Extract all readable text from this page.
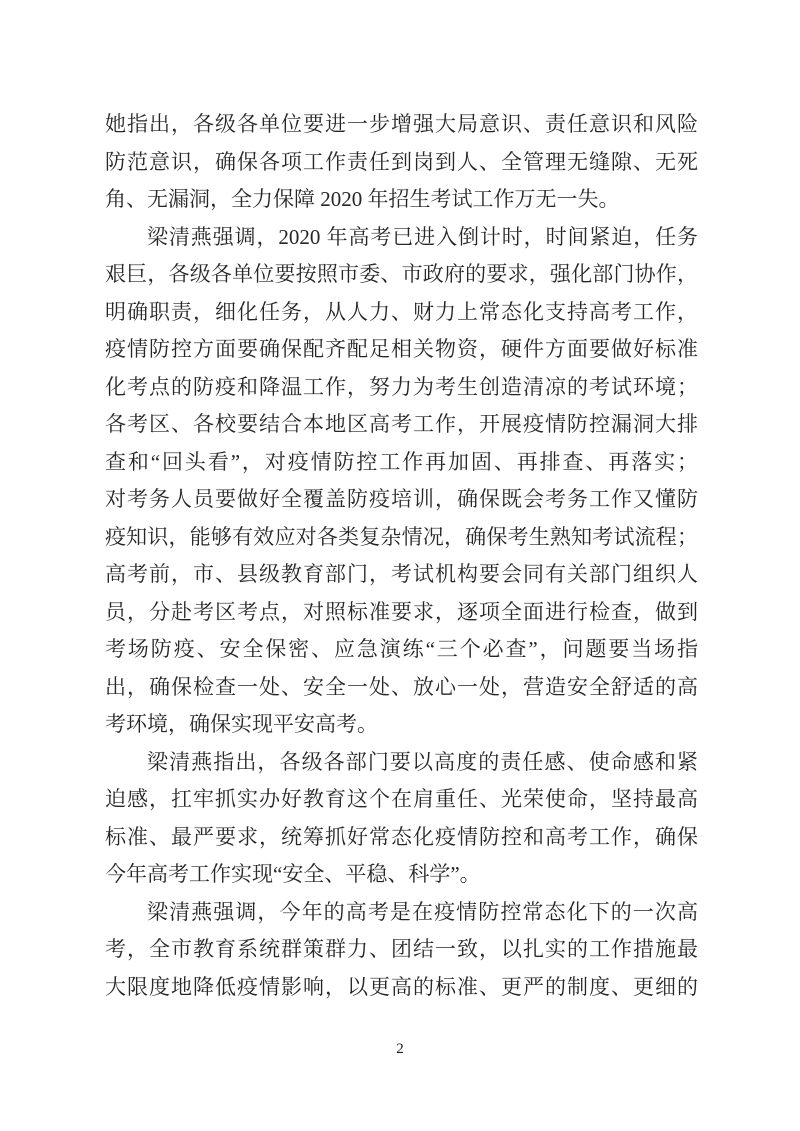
她指出，各级各单位要进一步增强大局意识、责任意识和风险
防范意识，确保各项工作责任到岗到人、全管理无缝隙、无死
角、无漏洞，全力保障 2020 年招生考试工作万无一失。
梁清燕强调，2020 年高考已进入倒计时，时间紧迫，任务
艰巨，各级各单位要按照市委、市政府的要求，强化部门协作，
明确职责，细化任务，从人力、财力上常态化支持高考工作，
疫情防控方面要确保配齐配足相关物资，硬件方面要做好标准
化考点的防疫和降温工作，努力为考生创造清凉的考试环境；
各考区、各校要结合本地区高考工作，开展疫情防控漏洞大排
查和“回头看”，对疫情防控工作再加固、再排查、再落实；
对考务人员要做好全覆盖防疫培训，确保既会考务工作又懂防
疫知识，能够有效应对各类复杂情况，确保考生熟知考试流程；
高考前，市、县级教育部门，考试机构要会同有关部门组织人
员，分赴考区考点，对照标准要求，逐项全面进行检查，做到
考场防疫、安全保密、应急演练“三个必查”，问题要当场指
出，确保检查一处、安全一处、放心一处，营造安全舒适的高
考环境，确保实现平安高考。
梁清燕指出，各级各部门要以高度的责任感、使命感和紧
迫感，扛牢抓实办好教育这个在肩重任、光荣使命，坚持最高
标准、最严要求，统筹抓好常态化疫情防控和高考工作，确保
今年高考工作实现“安全、平稳、科学”。
梁清燕强调，今年的高考是在疫情防控常态化下的一次高
考，全市教育系统群策群力、团结一致，以扎实的工作措施最
大限度地降低疫情影响，以更高的标准、更严的制度、更细的
2
